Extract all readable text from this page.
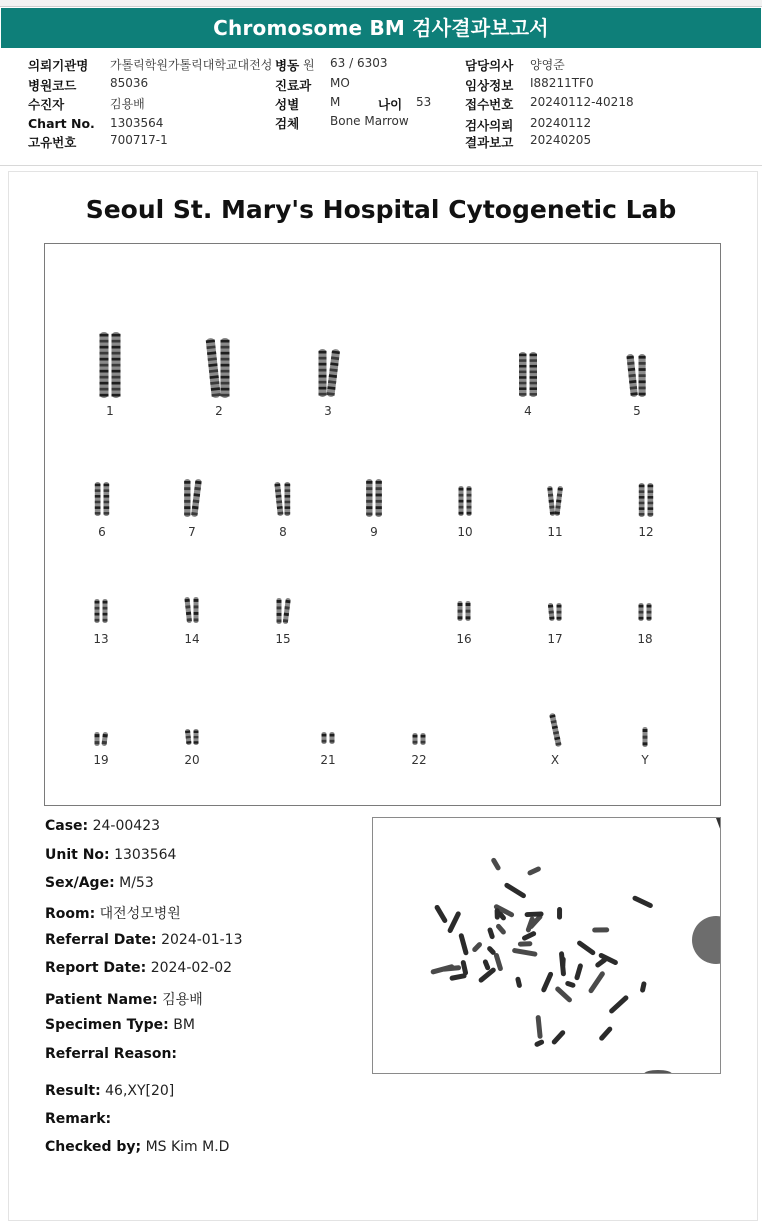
Chromosome BM 검사결과보고서
의뢰기관명 가톨릭학원가톨릭대학교대전성 병동 원 63 / 6303	담당의사 양영준
병원코드	85036	진료과 MO	임상정보 I88211TF0
수진자	김용배	성별	M	나이 53	접수번호 20240112-40218
Chart No. 1303564	검체	Bone Marrow	검사의뢰 20240112
고유번호	700717-1	결과보고 20240205
Seoul St. Mary's Hospital Cytogenetic Lab
1	2	3	4	5
6	7	8	9	10	11	12
13	14	15	16	17	18
19	20	21	22	X	Y
Case: 24-00423
Unit No: 1303564
Sex/Age: M/53
Room: 대전성모병원
Referral Date: 2024-01-13
Report Date: 2024-02-02
Patient Name: 김용배
Specimen Type: BM
Referral Reason:
Result: 46,XY[20]
Remark:
Checked by; MS Kim M.D
